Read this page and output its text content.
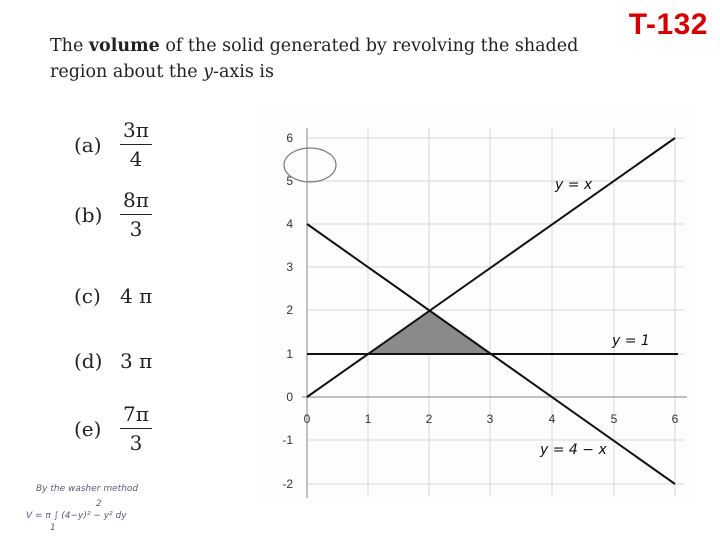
T-132
The volume of the solid generated by revolving the shaded region about the y-axis is
$(a) \frac{3\pi}{4}$
$(b) \frac{8\pi}{3}$
(c) 4 π
(d) 3 π
$(e) \frac{7\pi}{3}$	0	1	2	3	4	5	6
-2
-1
0
1
2
3
4
5
6
y = x
y = 1
y = 4 − x
By the washer method
2
V = π ∫ (4−y)² − y² dy
1
